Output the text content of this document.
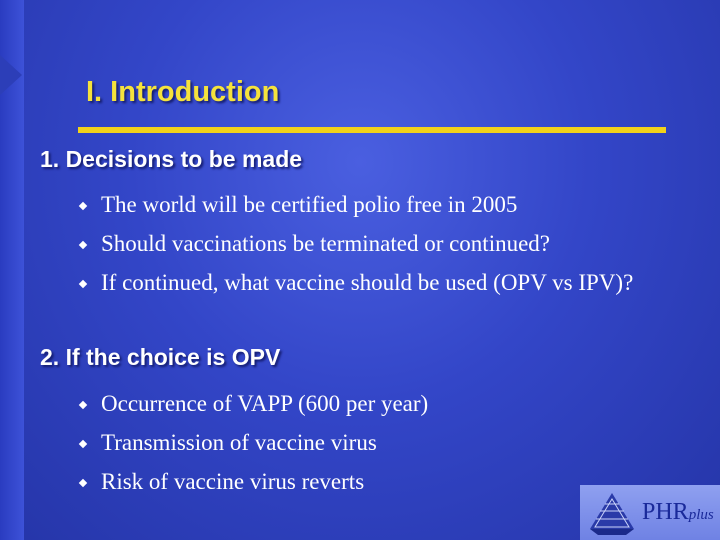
I. Introduction
1. Decisions to be made
The world will be certified polio free in 2005
Should vaccinations be terminated or continued?
If continued, what vaccine should be used (OPV vs IPV)?
2. If the choice is OPV
Occurrence of VAPP (600 per year)
Transmission of vaccine virus
Risk of vaccine virus reverts
PHRplus
